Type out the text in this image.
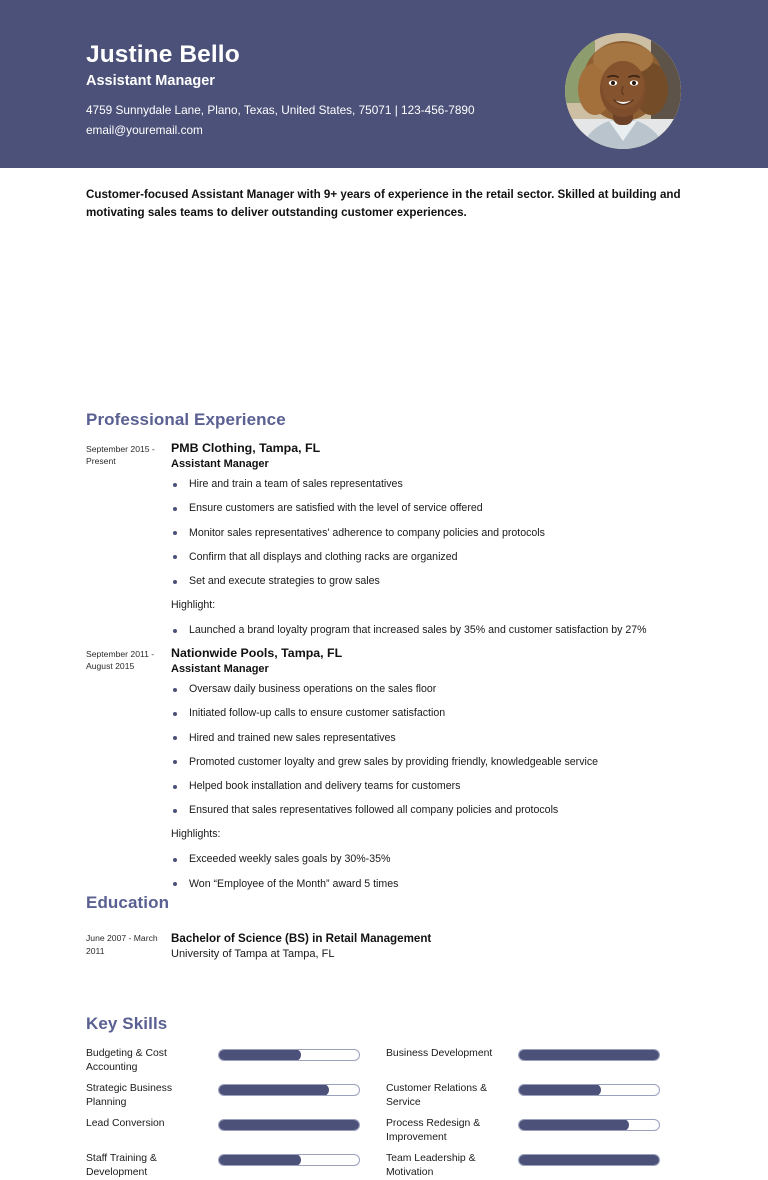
Justine Bello
Assistant Manager
4759 Sunnydale Lane, Plano, Texas, United States, 75071 | 123-456-7890
email@youremail.com
Customer-focused Assistant Manager with 9+ years of experience in the retail sector. Skilled at building and motivating sales teams to deliver outstanding customer experiences.
Professional Experience
September 2015 - Present
PMB Clothing, Tampa, FL
Assistant Manager
Hire and train a team of sales representatives
Ensure customers are satisfied with the level of service offered
Monitor sales representatives' adherence to company policies and protocols
Confirm that all displays and clothing racks are organized
Set and execute strategies to grow sales
Highlight:
Launched a brand loyalty program that increased sales by 35% and customer satisfaction by 27%
September 2011 - August 2015
Nationwide Pools, Tampa, FL
Assistant Manager
Oversaw daily business operations on the sales floor
Initiated follow-up calls to ensure customer satisfaction
Hired and trained new sales representatives
Promoted customer loyalty and grew sales by providing friendly, knowledgeable service
Helped book installation and delivery teams for customers
Ensured that sales representatives followed all company policies and protocols
Highlights:
Exceeded weekly sales goals by 30%-35%
Won “Employee of the Month” award 5 times
Education
June 2007 - March 2011
Bachelor of Science (BS) in Retail Management
University of Tampa at Tampa, FL
Key Skills
Budgeting & Cost Accounting
Strategic Business Planning
Lead Conversion
Staff Training & Development
Business Development
Customer Relations & Service
Process Redesign & Improvement
Team Leadership & Motivation
